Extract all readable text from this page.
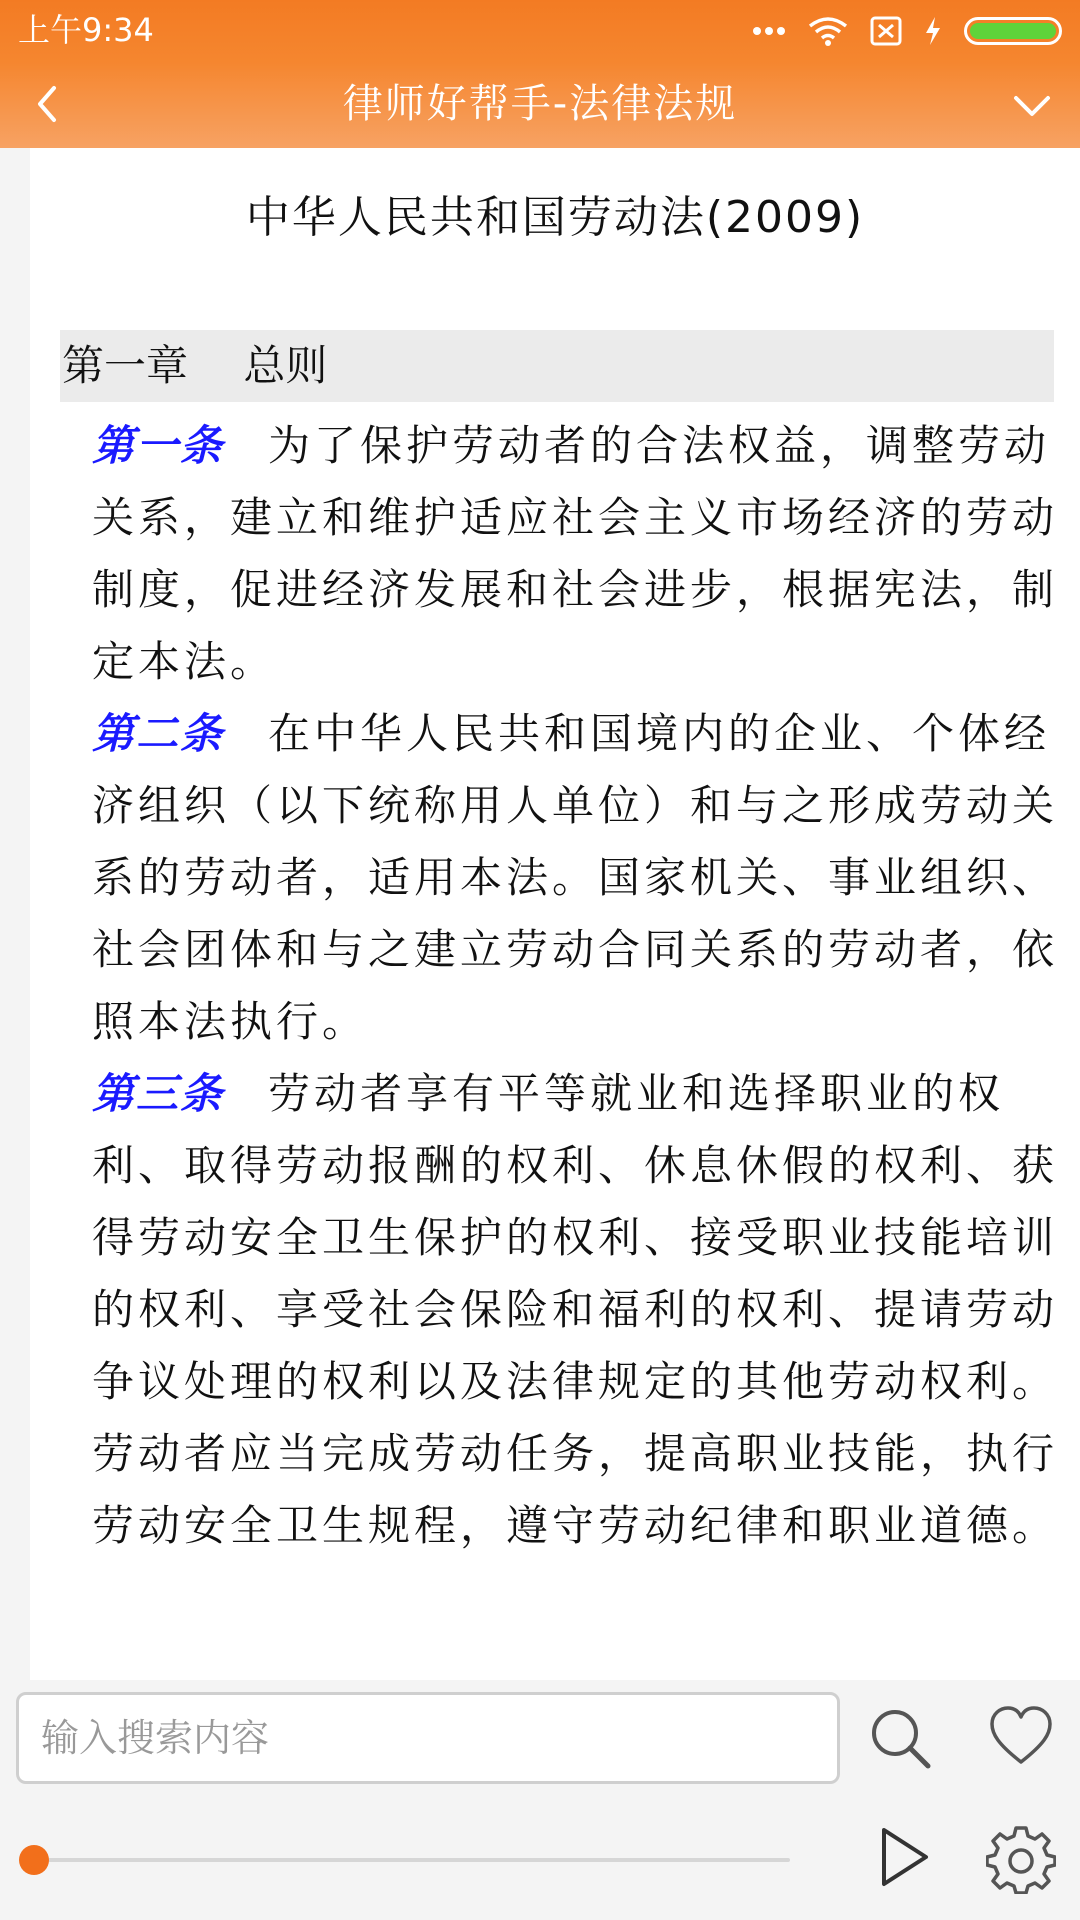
上午9:34
律师好帮手-法律法规
中华人民共和国劳动法(2009)
第一章　 总则

第一条 为了保护劳动者的合法权益，调整劳动关系，建立和维护适应社会主义市场经济的劳动制度，促进经济发展和社会进步，根据宪法，制定本法。

第二条 在中华人民共和国境内的企业、个体经济组织（以下统称用人单位）和与之形成劳动关系的劳动者，适用本法。国家机关、事业组织、社会团体和与之建立劳动合同关系的劳动者，依照本法执行。

第三条 劳动者享有平等就业和选择职业的权利、取得劳动报酬的权利、休息休假的权利、获得劳动安全卫生保护的权利、接受职业技能培训的权利、享受社会保险和福利的权利、提请劳动争议处理的权利以及法律规定的其他劳动权利。劳动者应当完成劳动任务，提高职业技能，执行劳动安全卫生规程，遵守劳动纪律和职业道德。

输入搜索内容
